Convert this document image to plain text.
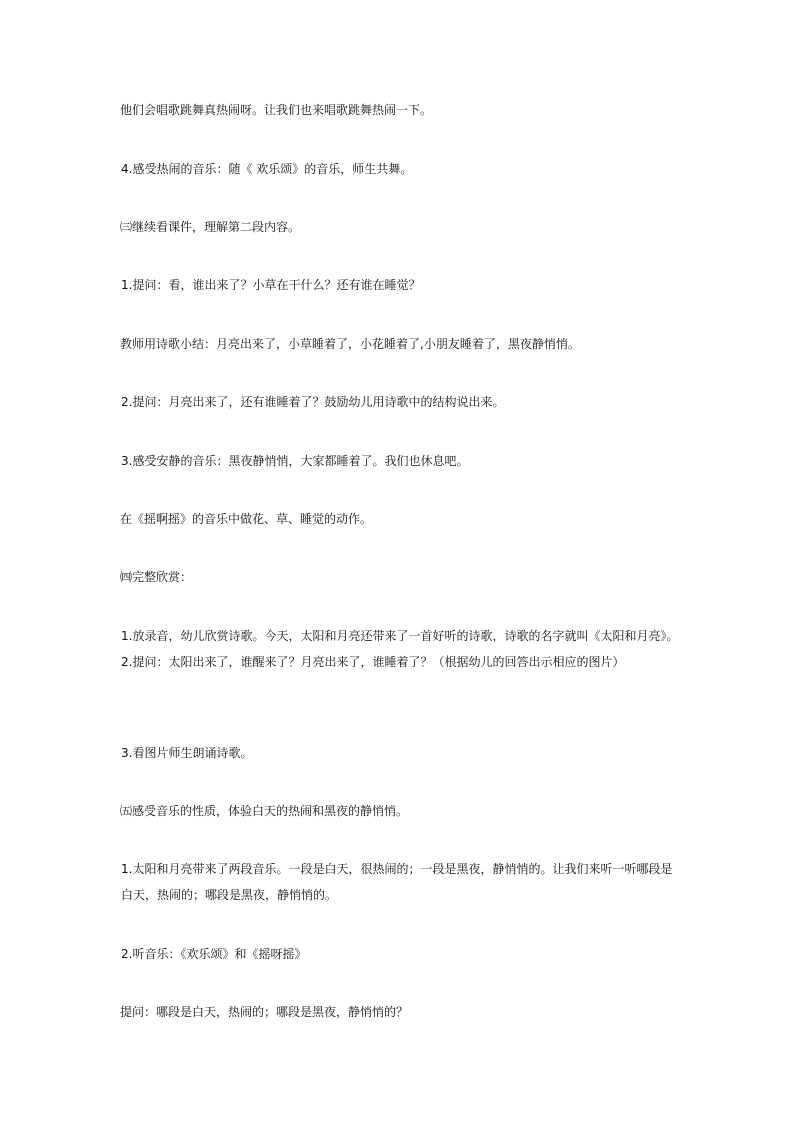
他们会唱歌跳舞真热闹呀。让我们也来唱歌跳舞热闹一下。

4.感受热闹的音乐：随《 欢乐颂》的音乐，师生共舞。

㈢继续看课件，理解第二段内容。

1.提问：看，谁出来了？小草在干什么？还有谁在睡觉？

教师用诗歌小结：月亮出来了，小草睡着了，小花睡着了,小朋友睡着了，黑夜静悄悄。

2.提问：月亮出来了，还有谁睡着了？鼓励幼儿用诗歌中的结构说出来。

3.感受安静的音乐：黑夜静悄悄，大家都睡着了。我们也休息吧。

在《摇啊摇》的音乐中做花、草、睡觉的动作。

㈣完整欣赏：

1.放录音，幼儿欣赏诗歌。今天，太阳和月亮还带来了一首好听的诗歌，诗歌的名字就叫《太阳和月亮》。　2.提问：太阳出来了，谁醒来了？月亮出来了，谁睡着了？（根据幼儿的回答出示相应的图片）

3.看图片师生朗诵诗歌。

㈤感受音乐的性质，体验白天的热闹和黑夜的静悄悄。

1.太阳和月亮带来了两段音乐。一段是白天，很热闹的；一段是黑夜，静悄悄的。让我们来听一听哪段是白天，热闹的；哪段是黑夜，静悄悄的。

2.听音乐：《欢乐颂》和《摇呀摇》

提问：哪段是白天，热闹的；哪段是黑夜，静悄悄的？
